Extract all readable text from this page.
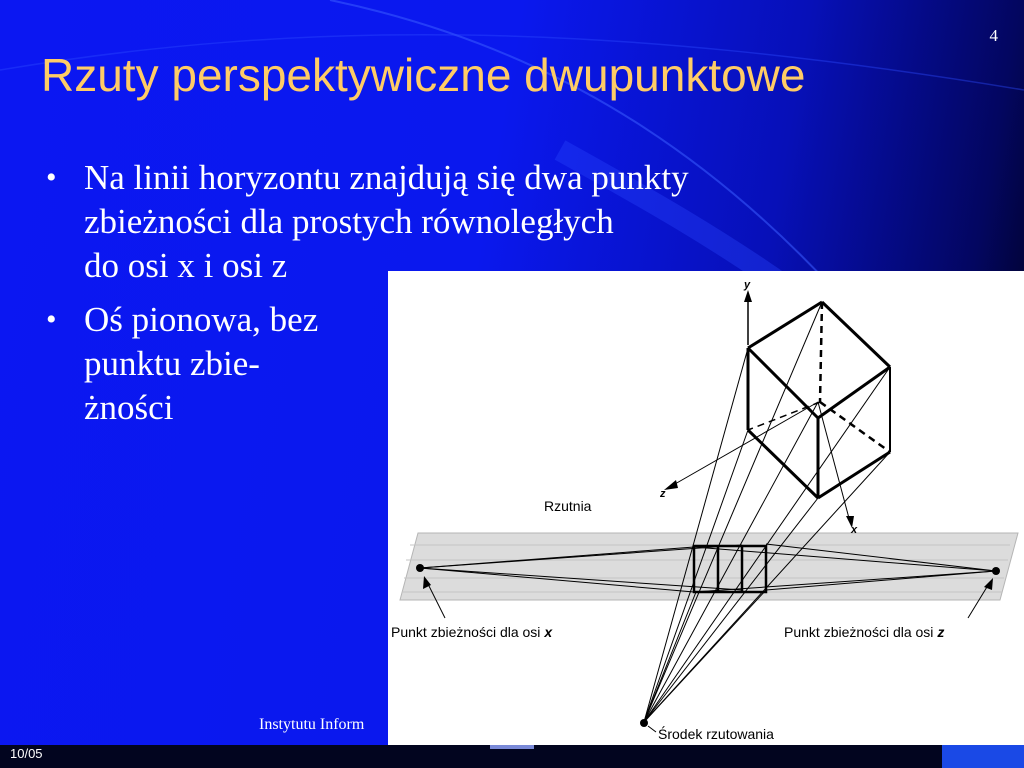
4
Rzuty perspektywiczne dwupunktowe
• Na linii horyzontu znajdują się dwa punkty
zbieżności dla prostych równoległych
do osi x i osi z
• Oś pionowa, bez
punktu zbie-
żności
Instytutu Inform
10/05
y
z
x
Rzutnia
Punkt zbieżności dla osi x	Punkt zbieżności dla osi z
Środek rzutowania
